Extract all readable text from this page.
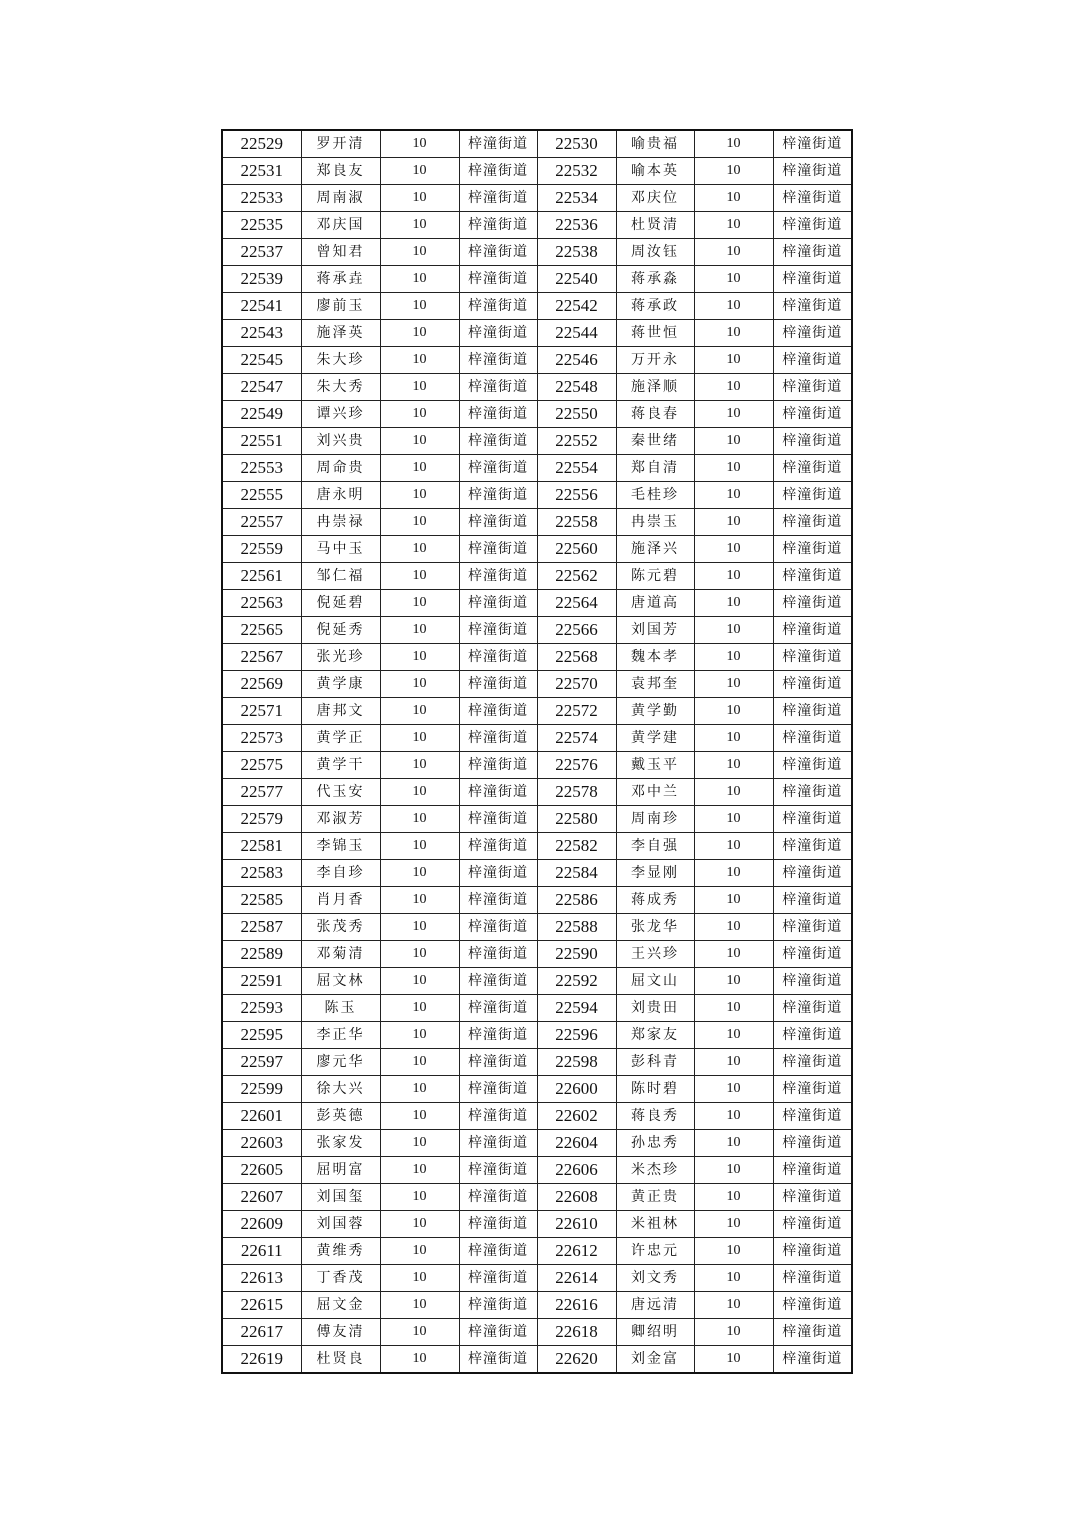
22529	罗开清	10	梓潼街道	22530	喻贵福	10	梓潼街道
22531	郑良友	10	梓潼街道	22532	喻本英	10	梓潼街道
22533	周南淑	10	梓潼街道	22534	邓庆位	10	梓潼街道
22535	邓庆国	10	梓潼街道	22536	杜贤清	10	梓潼街道
22537	曾知君	10	梓潼街道	22538	周汝钰	10	梓潼街道
22539	蒋承垚	10	梓潼街道	22540	蒋承淼	10	梓潼街道
22541	廖前玉	10	梓潼街道	22542	蒋承政	10	梓潼街道
22543	施泽英	10	梓潼街道	22544	蒋世恒	10	梓潼街道
22545	朱大珍	10	梓潼街道	22546	万开永	10	梓潼街道
22547	朱大秀	10	梓潼街道	22548	施泽顺	10	梓潼街道
22549	谭兴珍	10	梓潼街道	22550	蒋良春	10	梓潼街道
22551	刘兴贵	10	梓潼街道	22552	秦世绪	10	梓潼街道
22553	周命贵	10	梓潼街道	22554	郑自清	10	梓潼街道
22555	唐永明	10	梓潼街道	22556	毛桂珍	10	梓潼街道
22557	冉崇禄	10	梓潼街道	22558	冉崇玉	10	梓潼街道
22559	马中玉	10	梓潼街道	22560	施泽兴	10	梓潼街道
22561	邹仁福	10	梓潼街道	22562	陈元碧	10	梓潼街道
22563	倪延碧	10	梓潼街道	22564	唐道高	10	梓潼街道
22565	倪延秀	10	梓潼街道	22566	刘国芳	10	梓潼街道
22567	张光珍	10	梓潼街道	22568	魏本孝	10	梓潼街道
22569	黄学康	10	梓潼街道	22570	袁邦奎	10	梓潼街道
22571	唐邦文	10	梓潼街道	22572	黄学勤	10	梓潼街道
22573	黄学正	10	梓潼街道	22574	黄学建	10	梓潼街道
22575	黄学干	10	梓潼街道	22576	戴玉平	10	梓潼街道
22577	代玉安	10	梓潼街道	22578	邓中兰	10	梓潼街道
22579	邓淑芳	10	梓潼街道	22580	周南珍	10	梓潼街道
22581	李锦玉	10	梓潼街道	22582	李自强	10	梓潼街道
22583	李自珍	10	梓潼街道	22584	李显刚	10	梓潼街道
22585	肖月香	10	梓潼街道	22586	蒋成秀	10	梓潼街道
22587	张茂秀	10	梓潼街道	22588	张龙华	10	梓潼街道
22589	邓菊清	10	梓潼街道	22590	王兴珍	10	梓潼街道
22591	屈文林	10	梓潼街道	22592	屈文山	10	梓潼街道
22593	陈玉	10	梓潼街道	22594	刘贵田	10	梓潼街道
22595	李正华	10	梓潼街道	22596	郑家友	10	梓潼街道
22597	廖元华	10	梓潼街道	22598	彭科青	10	梓潼街道
22599	徐大兴	10	梓潼街道	22600	陈时碧	10	梓潼街道
22601	彭英德	10	梓潼街道	22602	蒋良秀	10	梓潼街道
22603	张家发	10	梓潼街道	22604	孙忠秀	10	梓潼街道
22605	屈明富	10	梓潼街道	22606	米杰珍	10	梓潼街道
22607	刘国玺	10	梓潼街道	22608	黄正贵	10	梓潼街道
22609	刘国蓉	10	梓潼街道	22610	米祖林	10	梓潼街道
22611	黄维秀	10	梓潼街道	22612	许忠元	10	梓潼街道
22613	丁香茂	10	梓潼街道	22614	刘文秀	10	梓潼街道
22615	屈文金	10	梓潼街道	22616	唐远清	10	梓潼街道
22617	傅友清	10	梓潼街道	22618	卿绍明	10	梓潼街道
22619	杜贤良	10	梓潼街道	22620	刘金富	10	梓潼街道
